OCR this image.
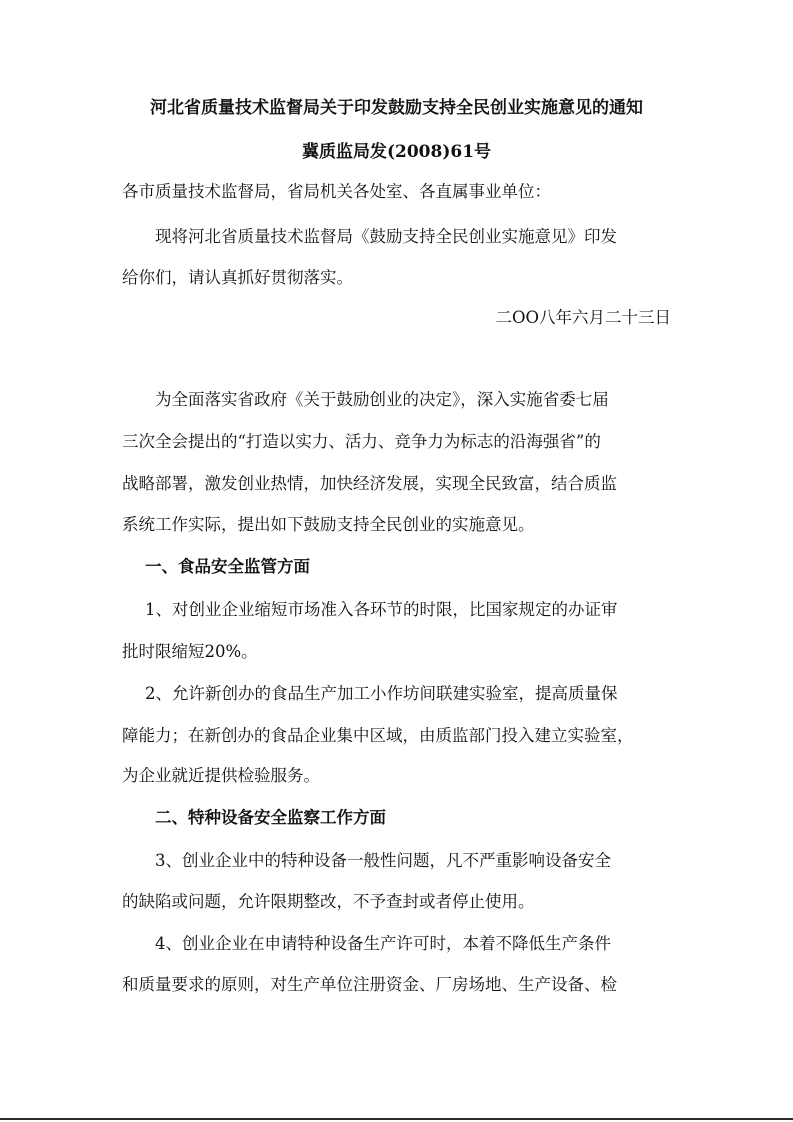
河北省质量技术监督局关于印发鼓励支持全民创业实施意见的通知
冀质监局发(2008)61号
各市质量技术监督局，省局机关各处室、各直属事业单位：
现将河北省质量技术监督局《鼓励支持全民创业实施意见》印发
给你们，请认真抓好贯彻落实。
二OO八年六月二十三日
为全面落实省政府《关于鼓励创业的决定》，深入实施省委七届
三次全会提出的“打造以实力、活力、竞争力为标志的沿海强省”的
战略部署，激发创业热情，加快经济发展，实现全民致富，结合质监
系统工作实际，提出如下鼓励支持全民创业的实施意见。
一、食品安全监管方面
1、对创业企业缩短市场准入各环节的时限，比国家规定的办证审
批时限缩短20%。
2、允许新创办的食品生产加工小作坊间联建实验室，提高质量保
障能力；在新创办的食品企业集中区域，由质监部门投入建立实验室，
为企业就近提供检验服务。
二、特种设备安全监察工作方面
3、创业企业中的特种设备一般性问题，凡不严重影响设备安全
的缺陷或问题，允许限期整改，不予查封或者停止使用。
4、创业企业在申请特种设备生产许可时，本着不降低生产条件
和质量要求的原则，对生产单位注册资金、厂房场地、生产设备、检
